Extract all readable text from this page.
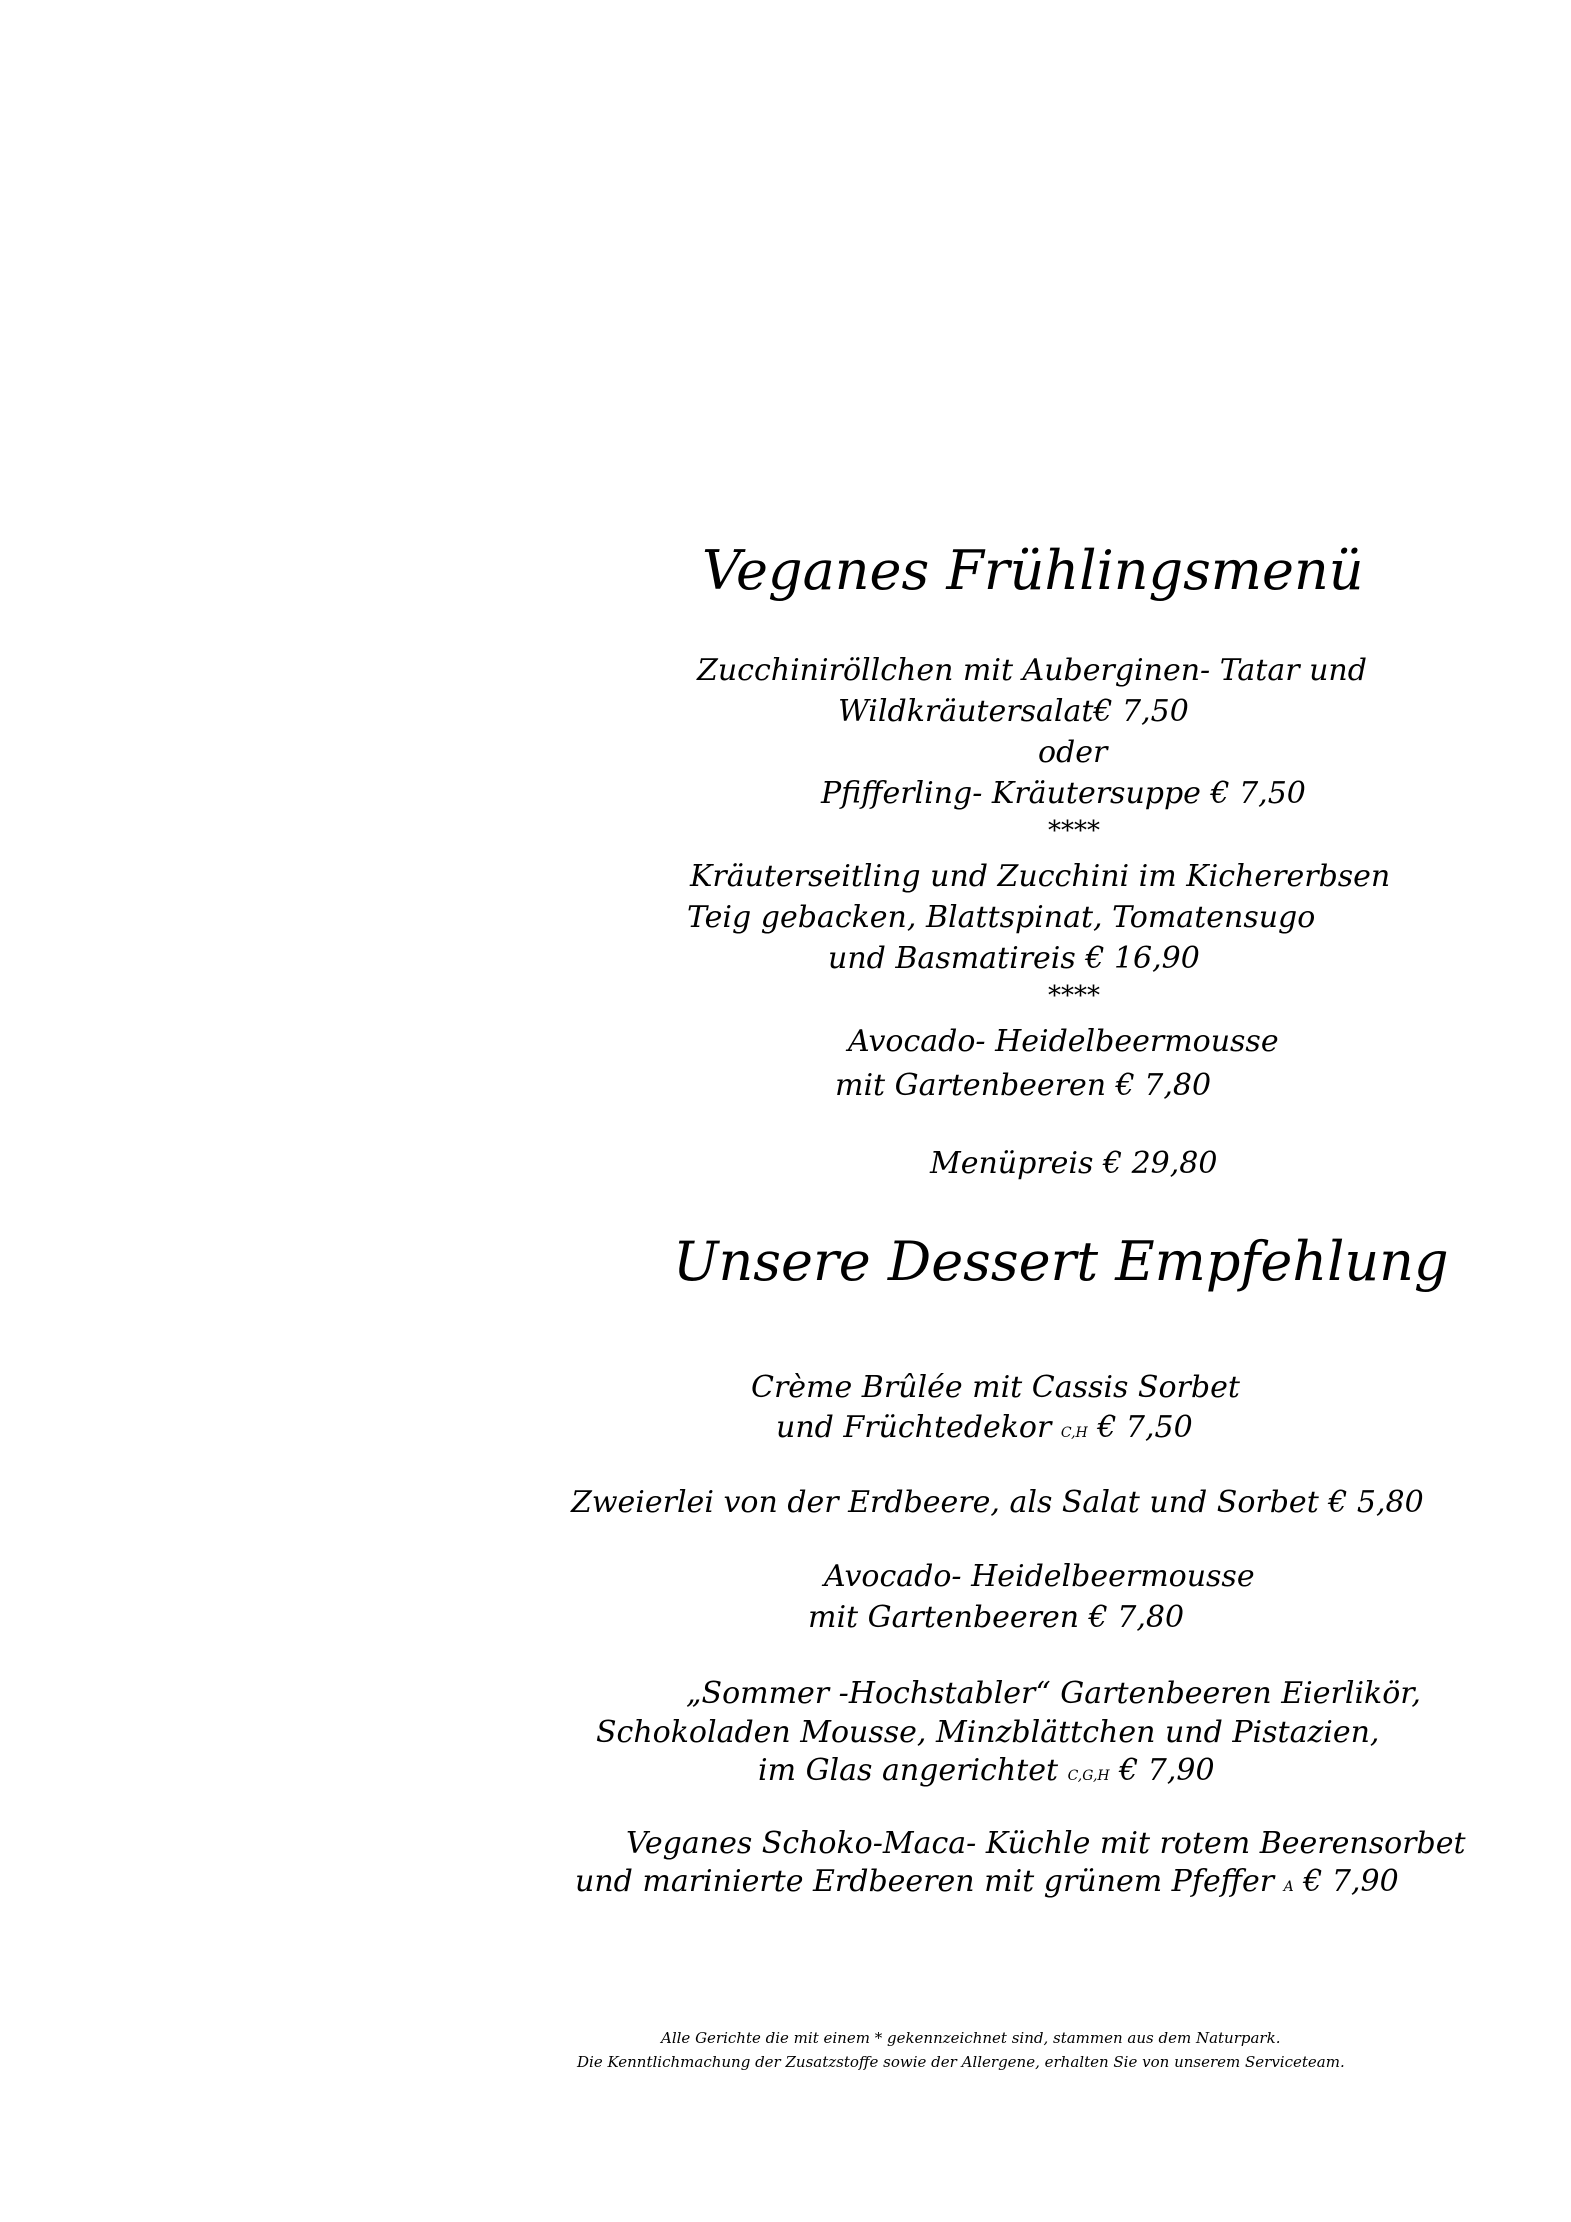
Veganes Frühlingsmenü
Zucchiniröllchen mit Auberginen- Tatar und
Wildkräutersalat€ 7,50
oder
Pfifferling- Kräutersuppe € 7,50
****
Kräuterseitling und Zucchini im Kichererbsen
Teig gebacken, Blattspinat, Tomatensugo
und Basmatireis € 16,90
****
Avocado- Heidelbeermousse
mit Gartenbeeren € 7,80
Menüpreis € 29,80
Unsere Dessert Empfehlung
Crème Brûlée mit Cassis Sorbet
und Früchtedekor C,H € 7,50
Zweierlei von der Erdbeere, als Salat und Sorbet € 5,80
Avocado- Heidelbeermousse
mit Gartenbeeren € 7,80
„Sommer -Hochstabler“ Gartenbeeren Eierlikör,
Schokoladen Mousse, Minzblättchen und Pistazien,
im Glas angerichtet C,G,H € 7,90
Veganes Schoko-Maca- Küchle mit rotem Beerensorbet
und marinierte Erdbeeren mit grünem Pfeffer A € 7,90
Alle Gerichte die mit einem * gekennzeichnet sind, stammen aus dem Naturpark.
Die Kenntlichmachung der Zusatzstoffe sowie der Allergene, erhalten Sie von unserem Serviceteam.
